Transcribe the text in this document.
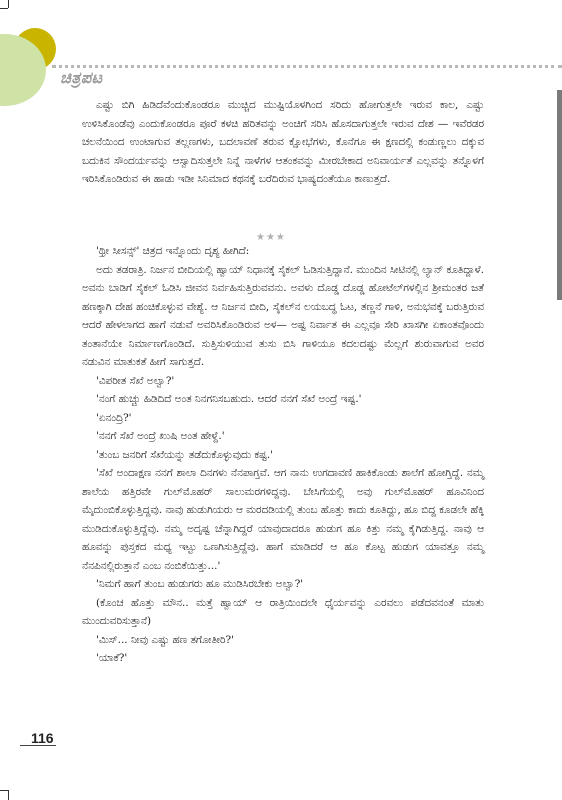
ಚಿತ್ರಪಟ

ಎಷ್ಟು ಬಿಗಿ ಹಿಡಿದೆವೆಂದುಕೊಂಡರೂ ಮುಚ್ಚಿದ ಮುಷ್ಟಿಯೊಳಗಿಂದ ಸರಿದು ಹೋಗುತ್ತಲೇ ಇರುವ ಕಾಲ, ಎಷ್ಟು ಉಳಿಸಿಕೊಂಡೆವು ಎಂದುಕೊಂಡರೂ ಪೂರೆ ಕಳಚಿ ಹರಿತವನ್ನು ಅಂಚಿಗೆ ಸರಿಸಿ ಹೊಸದಾಗುತ್ತಲೇ ಇರುವ ದೇಶ — ಇವೆರಡರ ಚಲನೆಯಿಂದ ಉಂಟಾಗುವ ತಲ್ಲಣಗಳು, ಬದಲಾವಣೆ ತರುವ ಕ್ಷೋಭೆಗಳು, ಕೊನೆಗೂ ಈ ಕ್ಷಣದಲ್ಲಿ ಕಂಡುಣ್ಣಲು ದಕ್ಕುವ ಬದುಕಿನ ಸೌಂದರ್ಯವನ್ನು ಆಸ್ವಾದಿಸುತ್ತಲೇ ನಿನ್ನೆ ನಾಳೆಗಳ ಆತಂಕವನ್ನು ಮೀರಬೇಕಾದ ಅನಿವಾರ್ಯತೆ ಎಲ್ಲವನ್ನು ತನ್ನೊಳಗೆ ಇರಿಸಿಕೊಂಡಿರುವ ಈ ಹಾಡು ಇಡೀ ಸಿನಿಮಾದ ಕಥನಕ್ಕೆ ಬರೆದಿರುವ ಭಾಷ್ಯದಂತೆಯೂ ಕಾಣುತ್ತದೆ.

★★★

'ಥ್ರೀ ಸೀಸನ್ಸ್' ಚಿತ್ರದ ಇನ್ನೊಂದು ದೃಶ್ಯ ಹೀಗಿದೆ:

ಅದು ತಡರಾತ್ರಿ. ನಿರ್ಜನ ಬೀದಿಯಲ್ಲಿ ಹ್ವಾಯ್ ನಿಧಾನಕ್ಕೆ ಸೈಕಲ್ ಓಡಿಸುತ್ತಿದ್ದಾನೆ. ಮುಂದಿನ ಸೀಟಿನಲ್ಲಿ ಲ್ಯಾನ್ ಕೂತಿದ್ದಾಳೆ. ಅವನು ಬಾಡಿಗೆ ಸೈಕಲ್ ಓಡಿಸಿ ಜೀವನ ನಿರ್ವಹಿಸುತ್ತಿರುವವನು. ಅವಳು ದೊಡ್ಡ ದೊಡ್ಡ ಹೋಟೆಲ್‌ಗಳಲ್ಲಿನ ಶ್ರೀಮಂತರ ಜತೆ ಹಣಕ್ಕಾಗಿ ದೇಹ ಹಂಚಿಕೊಳ್ಳುವ ವೇಶ್ಯೆ. ಆ ನಿರ್ಜನ ಬೀದಿ, ಸೈಕಲ್‌ನ ಲಯಬದ್ಧ ಓಟ, ತಣ್ಣನೆ ಗಾಳಿ, ಅನುಭವಕ್ಕೆ ಬರುತ್ತಿರುವ ಆದರೆ ಹೇಳಲಾಗದ ಹಾಗೆ ನಡುವೆ ಅವರಿಸಿಕೊಂಡಿರುವ ಅಳ— ಅಷ್ಟ ನಿರ್ವಾತ ಈ ಎಲ್ಲವೂ ಸೇರಿ ಖಾಸಗೀ ಏಕಾಂತವೊಂದು ತಂತಾನೆಯೇ ನಿರ್ಮಾಣಗೊಂಡಿದೆ. ಸುತ್ತಿಸುಳಿಯುವ ತುಸು ಬಿಸಿ ಗಾಳಿಯೂ ಕದಲದಷ್ಟು ಮೆಲ್ಲಗೆ ಶುರುವಾಗುವ ಅವರ ನಡುವಿನ ಮಾತುಕತೆ ಹೀಗೆ ಸಾಗುತ್ತದೆ.

'ವಿಪರೀತ ಸೆಖೆ ಅಲ್ವಾ?'

'ನಂಗೆ ಹುಚ್ಚು ಹಿಡಿದಿದೆ ಅಂತ ನಿನಗನಿಸಬಹುದು. ಆದರೆ ನನಗೆ ಸೆಖೆ ಅಂದ್ರೆ ಇಷ್ಟ.'

'ಏನಂದ್ರಿ?'

'ನನಗೆ ಸೆಖೆ ಅಂದ್ರೆ ಖುಷಿ ಅಂತ ಹೇಳ್ದೆ.'

'ತುಂಬ ಜನರಿಗೆ ಸೆಖೆಯನ್ನು ತಡೆದುಕೊಳ್ಳುವುದು ಕಷ್ಟ.'

'ಸೆಖೆ ಅಂದಾಕ್ಷಣ ನನಗೆ ಶಾಲಾ ದಿನಗಳು ನೆನಪಾಗ್ತವೆ. ಆಗ ನಾನು ಉಗದಾವಣಿ ಹಾಕಿಕೊಂಡು ಶಾಲೆಗೆ ಹೋಗ್ತಿದ್ದೆ. ನಮ್ಮ ಶಾಲೆಯ ಹತ್ತಿರವೇ ಗುಲ್‌ಮೊಹರ್ ಸಾಲುಮರಗಳಿದ್ದವು. ಬೇಸಿಗೆಯಲ್ಲಿ ಅವು ಗುಲ್‌ಮೊಹರ್ ಹೂವಿನಿಂದ ಮೈದುಂಬಿಕೊಳ್ಳುತ್ತಿದ್ದವು. ನಾವು ಹುಡುಗಿಯರು ಆ ಮರದಡಿಯಲ್ಲಿ ತುಂಬ ಹೊತ್ತು ಕಾದು ಕೂತಿದ್ದು, ಹೂ ಬಿದ್ದ ಕೂಡಲೇ ಹೆಕ್ಕಿ ಮುಡಿದುಕೊಳ್ಳುತ್ತಿದ್ದೆವು. ನಮ್ಮ ಅದೃಷ್ಟ ಚೆನ್ನಾಗಿದ್ದರೆ ಯಾವುದಾದರೂ ಹುಡುಗ ಹೂ ಕಿತ್ತು ನಮ್ಮ ಕೈಗಿಡುತ್ತಿದ್ದ. ನಾವು ಆ ಹೂವನ್ನು ಪುಸ್ತಕದ ಮಧ್ಯ ಇಟ್ಟು ಒಣಗಿಸುತ್ತಿದ್ದೆವು. ಹಾಗೆ ಮಾಡಿದರೆ ಆ ಹೂ ಕೊಟ್ಟ ಹುಡುಗ ಯಾವತ್ತೂ ನಮ್ಮ ನೆನಪಿನಲ್ಲಿರುತ್ತಾನೆ ಎಂಬ ನಂಬಿಕೆಯಿತ್ತು...'

'ನಿಮಗೆ ಹಾಗೆ ತುಂಬ ಹುಡುಗರು ಹೂ ಮುಡಿಸಿರಬೇಕು ಅಲ್ವಾ?'

(ಕೊಂಚ ಹೊತ್ತು ಮೌನ.. ಮತ್ತೆ ಹ್ವಾಯ್ ಆ ರಾತ್ರಿಯಿಂದಲೇ ಧೈರ್ಯವನ್ನು ಎರವಲು ಪಡೆದವನಂತೆ ಮಾತು ಮುಂದುವರಿಸುತ್ತಾನೆ)

'ಮಿಸ್... ನೀವು ಎಷ್ಟು ಹಣ ತಗೋತೀರಿ?'

'ಯಾಕೆ?'

116
